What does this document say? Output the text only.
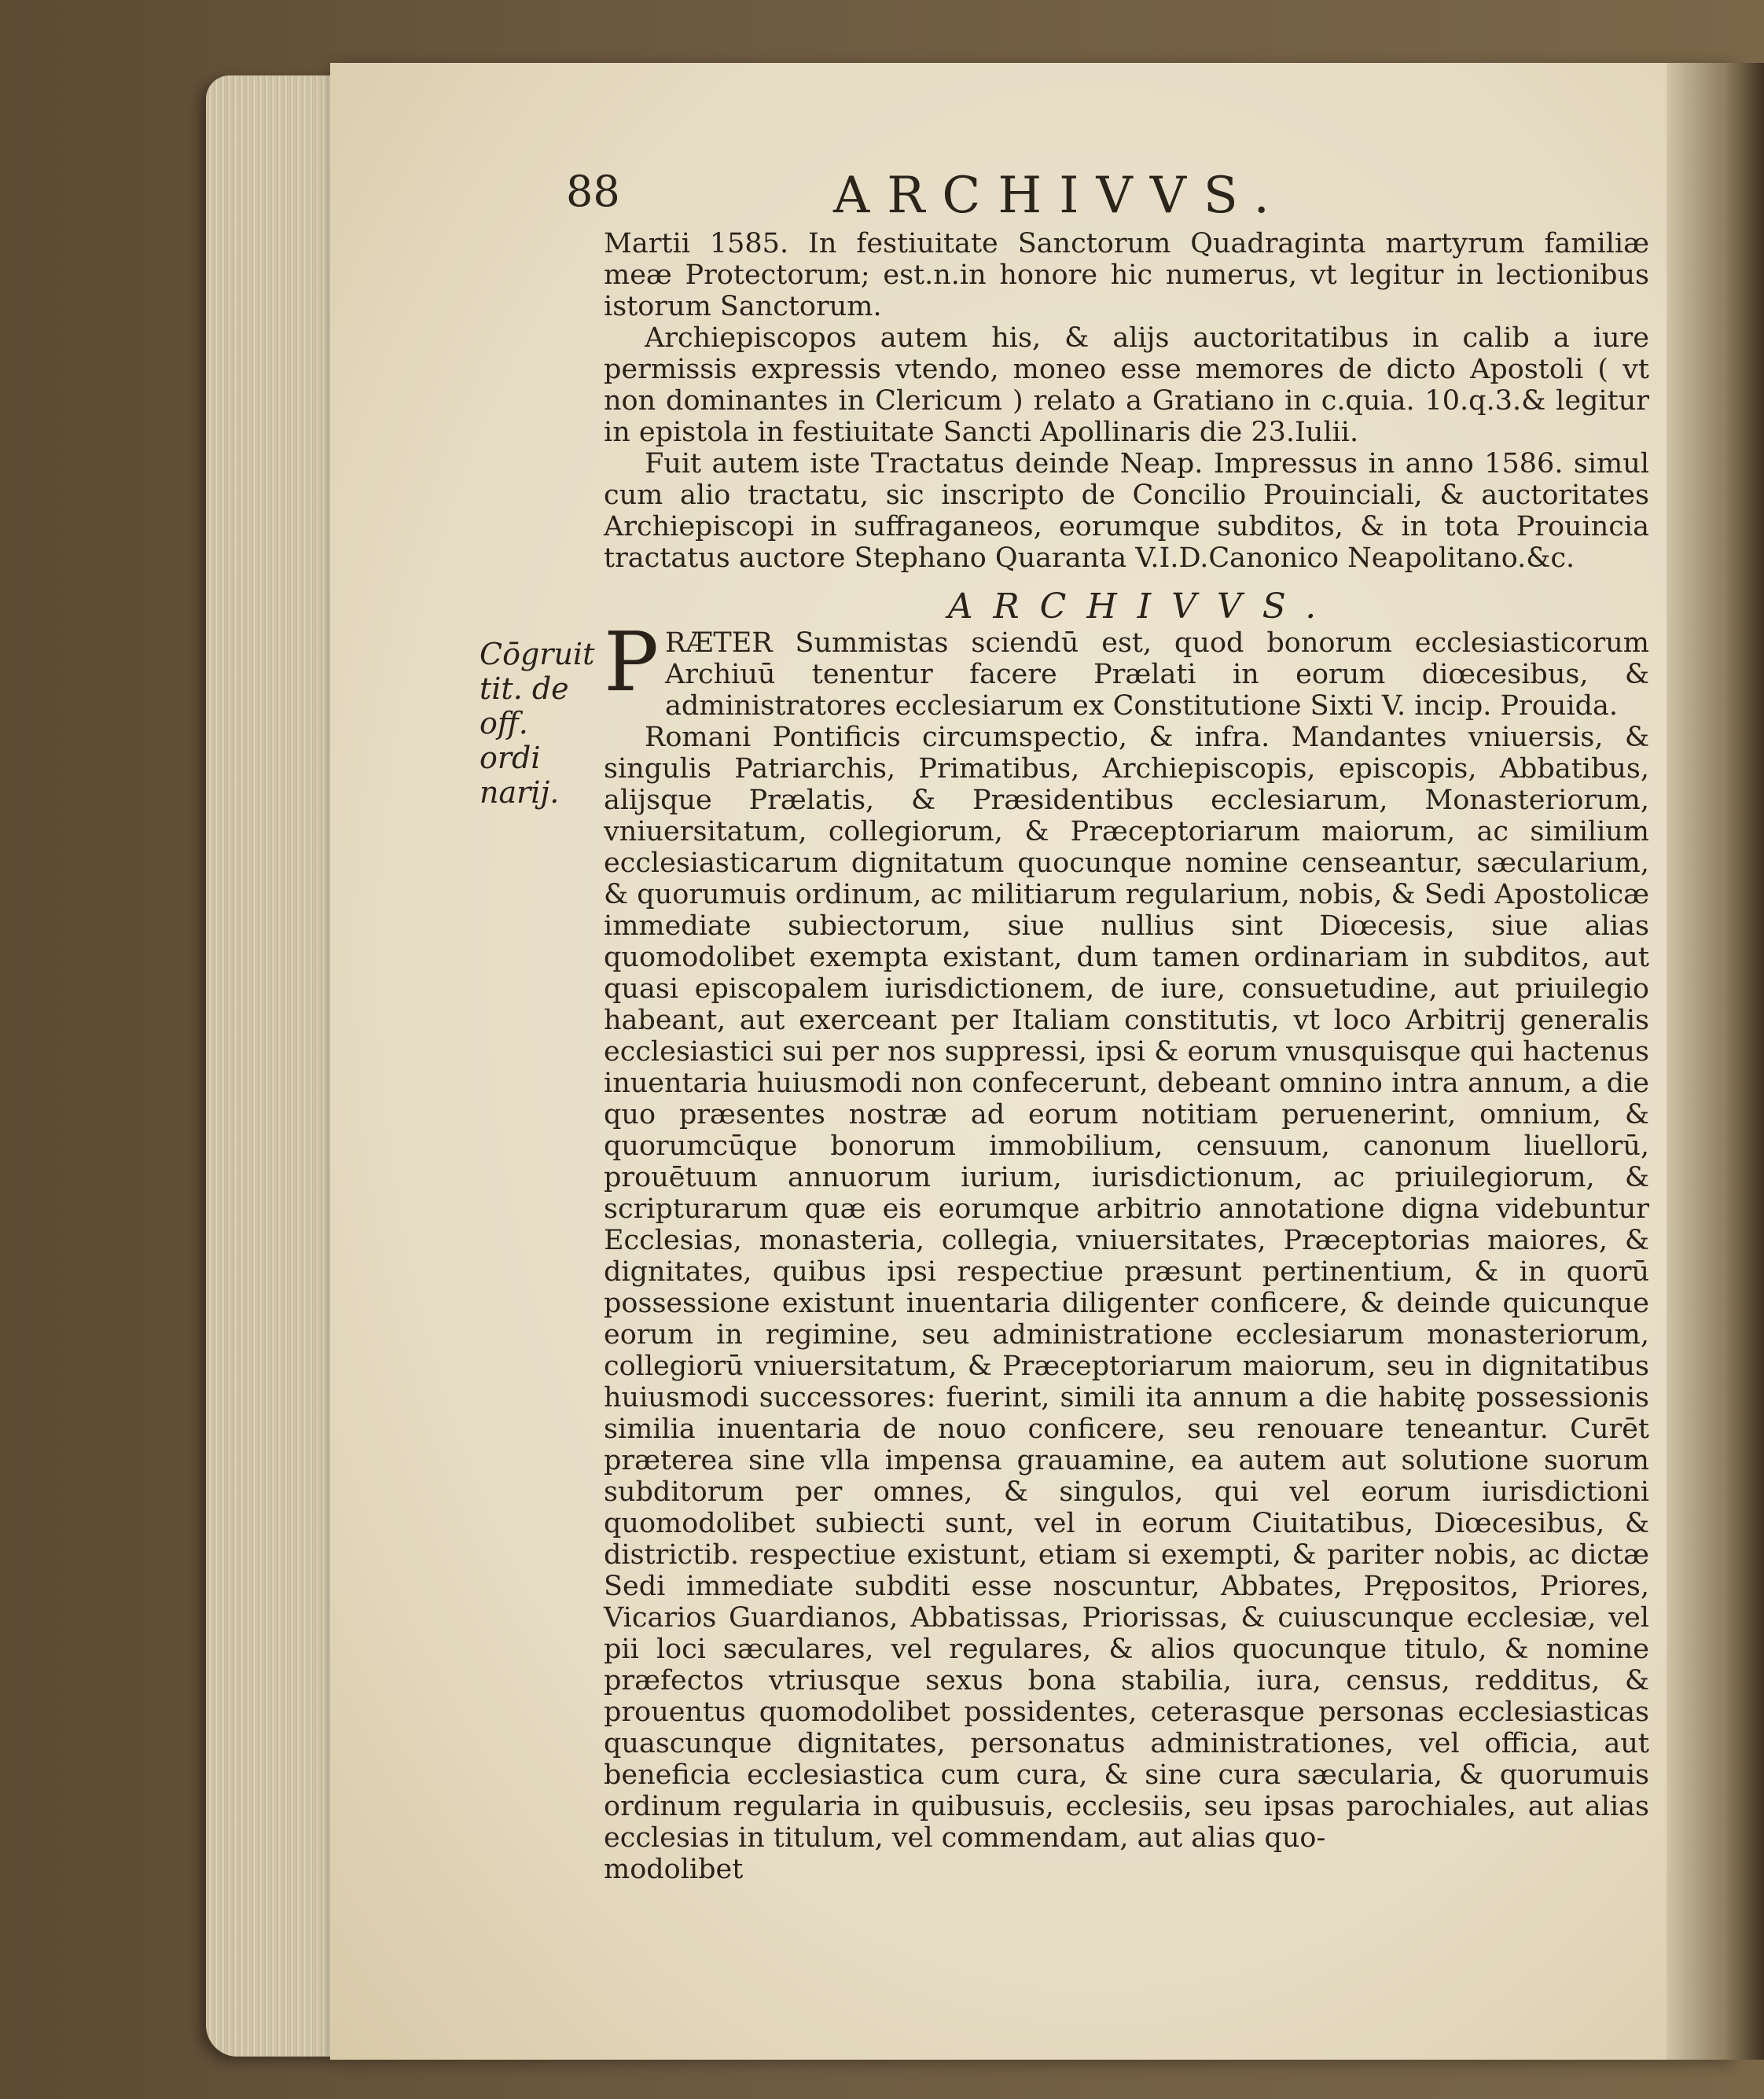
88	ARCHIVVS.
Cōgruit
tit. de
off. ordi
narij.

Martii 1585. In festiuitate Sanctorum Quadraginta martyrum familiæ meæ Protectorum; est.n.in honore hic numerus, vt legitur in lectionibus istorum Sanctorum.

Archiepiscopos autem his, & alijs auctoritatibus in calib a iure permissis expressis vtendo, moneo esse memores de dicto Apostoli ( vt non dominantes in Clericum ) relato a Gratiano in c.quia. 10.q.3.& legitur in epistola in festiuitate Sancti Apollinaris die 23.Iulii.

Fuit autem iste Tractatus deinde Neap. Impressus in anno 1586. simul cum alio tractatu, sic inscripto de Concilio Prouinciali, & auctoritates Archiepiscopi in suffraganeos, eorumque subditos, & in tota Prouincia tractatus auctore Stephano Quaranta V.I.D.Canonico Neapolitano.&c.

ARCHIVVS.

P RÆTER Summistas sciendū est, quod bonorum ecclesiasticorum Archiuū tenentur facere Prælati in eorum diœcesibus, & administratores ecclesiarum ex Constitutione Sixti V. incip. Prouida.

Romani Pontificis circumspectio, & infra. Mandantes vniuersis, & singulis Patriarchis, Primatibus, Archiepiscopis, episcopis, Abbatibus, alijsque Prælatis, & Præsidentibus ecclesiarum, Monasteriorum, vniuersitatum, collegiorum, & Præceptoriarum maiorum, ac similium ecclesiasticarum dignitatum quocunque nomine censeantur, sæcularium, & quorumuis ordinum, ac militiarum regularium, nobis, & Sedi Apostolicæ immediate subiectorum, siue nullius sint Diœcesis, siue alias quomodolibet exempta existant, dum tamen ordinariam in subditos, aut quasi episcopalem iurisdictionem, de iure, consuetudine, aut priuilegio habeant, aut exerceant per Italiam constitutis, vt loco Arbitrij generalis ecclesiastici sui per nos suppressi, ipsi & eorum vnusquisque qui hactenus inuentaria huiusmodi non confecerunt, debeant omnino intra annum, a die quo præsentes nostræ ad eorum notitiam peruenerint, omnium, & quorumcūque bonorum immobilium, censuum, canonum liuellorū, prouētuum annuorum iurium, iurisdictionum, ac priuilegiorum, & scripturarum quæ eis eorumque arbitrio annotatione digna videbuntur Ecclesias, monasteria, collegia, vniuersitates, Præceptorias maiores, & dignitates, quibus ipsi respectiue præsunt pertinentium, & in quorū possessione existunt inuentaria diligenter conficere, & deinde quicunque eorum in regimine, seu administratione ecclesiarum monasteriorum, collegiorū vniuersitatum, & Præceptoriarum maiorum, seu in dignitatibus huiusmodi successores: fuerint, simili ita annum a die habitę possessionis similia inuentaria de nouo conficere, seu renouare teneantur. Curēt præterea sine vlla impensa grauamine, ea autem aut solutione suorum subditorum per omnes, & singulos, qui vel eorum iurisdictioni quomodolibet subiecti sunt, vel in eorum Ciuitatibus, Diœcesibus, & districtib. respectiue existunt, etiam si exempti, & pariter nobis, ac dictæ Sedi immediate subditi esse noscuntur, Abbates, Prępositos, Priores, Vicarios Guardianos, Abbatissas, Priorissas, & cuiuscunque ecclesiæ, vel pii loci sæculares, vel regulares, & alios quocunque titulo, & nomine præfectos vtriusque sexus bona stabilia, iura, census, redditus, & prouentus quomodolibet possidentes, ceterasque personas ecclesiasticas quascunque dignitates, personatus administrationes, vel officia, aut beneficia ecclesiastica cum cura, & sine cura sæcularia, & quorumuis ordinum regularia in quibusuis, ecclesiis, seu ipsas parochiales, aut alias ecclesias in titulum, vel commendam, aut alias quo-

modolibet
